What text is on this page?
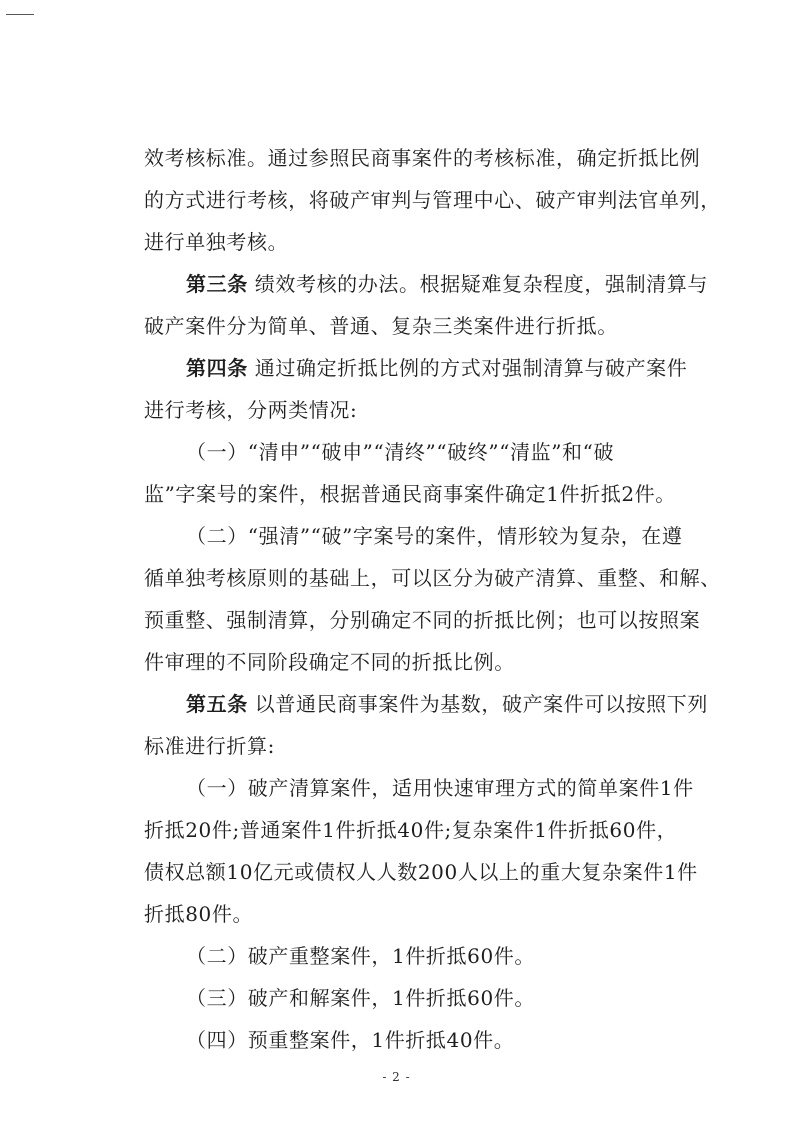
效考核标准。通过参照民商事案件的考核标准，确定折抵比例
的方式进行考核，将破产审判与管理中心、破产审判法官单列，
进行单独考核。
第三条 绩效考核的办法。根据疑难复杂程度，强制清算与
破产案件分为简单、普通、复杂三类案件进行折抵。
第四条 通过确定折抵比例的方式对强制清算与破产案件
进行考核，分两类情况:
（一）“清申”“破申”“清终”“破终”“清监”和“破
监”字案号的案件，根据普通民商事案件确定1件折抵2件。
（二）“强清”“破”字案号的案件，情形较为复杂，在遵
循单独考核原则的基础上，可以区分为破产清算、重整、和解、
预重整、强制清算，分别确定不同的折抵比例；也可以按照案
件审理的不同阶段确定不同的折抵比例。
第五条 以普通民商事案件为基数，破产案件可以按照下列
标准进行折算:
（一）破产清算案件，适用快速审理方式的简单案件1件
折抵20件;普通案件1件折抵40件;复杂案件1件折抵60件，
债权总额10亿元或债权人人数200人以上的重大复杂案件1件
折抵80件。
（二）破产重整案件，1件折抵60件。
（三）破产和解案件，1件折抵60件。
（四）预重整案件，1件折抵40件。
- 2 -
